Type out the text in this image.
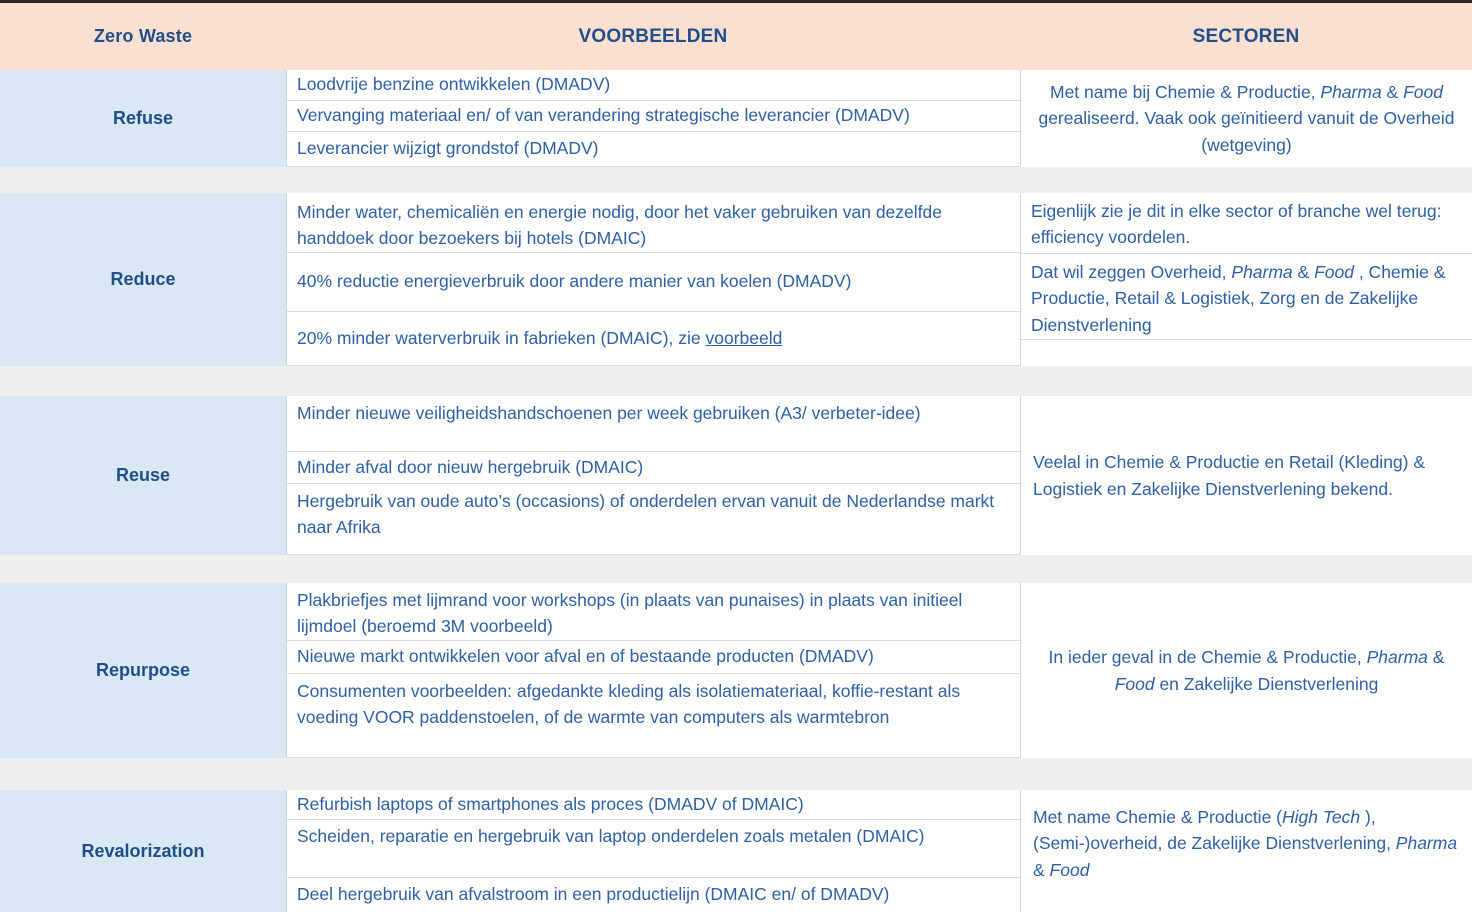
Zero Waste	VOORBEELDEN	SECTOREN
Refuse
Loodvrije benzine ontwikkelen (DMADV)
Vervanging materiaal en/ of van verandering strategische leverancier (DMADV)
Leverancier wijzigt grondstof (DMADV)
Met name bij Chemie & Productie, Pharma & Food gerealiseerd. Vaak ook geïnitieerd vanuit de Overheid (wetgeving)
Reduce
Minder water, chemicaliën en energie nodig, door het vaker gebruiken van dezelfde handdoek door bezoekers bij hotels (DMAIC)
40% reductie energieverbruik door andere manier van koelen (DMADV)
20% minder waterverbruik in fabrieken (DMAIC), zie voorbeeld
Eigenlijk zie je dit in elke sector of branche wel terug: efficiency voordelen.
Dat wil zeggen Overheid, Pharma & Food , Chemie & Productie, Retail & Logistiek, Zorg en de Zakelijke Dienstverlening
Reuse
Minder nieuwe veiligheidshandschoenen per week gebruiken (A3/ verbeter-idee)
Minder afval door nieuw hergebruik (DMAIC)
Hergebruik van oude auto’s (occasions) of onderdelen ervan vanuit de Nederlandse markt naar Afrika
Veelal in Chemie & Productie en Retail (Kleding) & Logistiek en Zakelijke Dienstverlening bekend.
Repurpose
Plakbriefjes met lijmrand voor workshops (in plaats van punaises) in plaats van initieel lijmdoel (beroemd 3M voorbeeld)
Nieuwe markt ontwikkelen voor afval en of bestaande producten (DMADV)
Consumenten voorbeelden: afgedankte kleding als isolatiemateriaal, koffie-restant als voeding VOOR paddenstoelen, of de warmte van computers als warmtebron
In ieder geval in de Chemie & Productie, Pharma & Food en Zakelijke Dienstverlening
Revalorization
Refurbish laptops of smartphones als proces (DMADV of DMAIC)
Scheiden, reparatie en hergebruik van laptop onderdelen zoals metalen (DMAIC)
Deel hergebruik van afvalstroom in een productielijn (DMAIC en/ of DMADV)
Met name Chemie & Productie (High Tech ), (Semi-)overheid, de Zakelijke Dienstverlening, Pharma & Food
